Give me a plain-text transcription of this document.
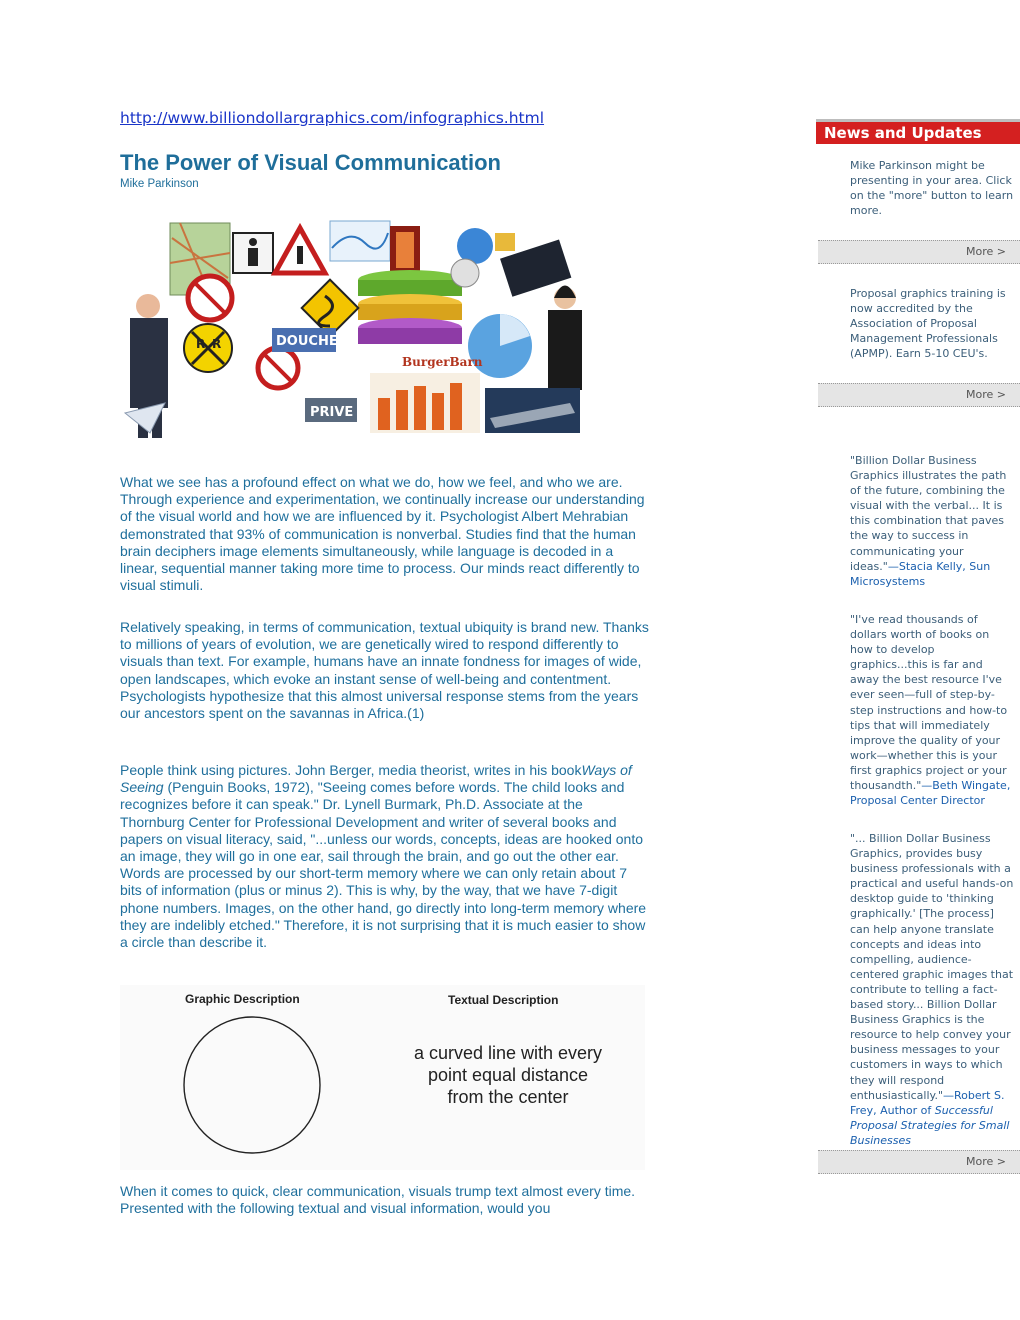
http://www.billiondollargraphics.com/infographics.html
The Power of Visual Communication
Mike Parkinson
R R	DOUCHES
PRIVE
BurgerBarn

What we see has a profound effect on what we do, how we feel, and who we are. Through experience and experimentation, we continually increase our understanding of the visual world and how we are influenced by it. Psychologist Albert Mehrabian demonstrated that 93% of communication is nonverbal. Studies find that the human brain deciphers image elements simultaneously, while language is decoded in a linear, sequential manner taking more time to process. Our minds react differently to visual stimuli.

Relatively speaking, in terms of communication, textual ubiquity is brand new. Thanks to millions of years of evolution, we are genetically wired to respond differently to visuals than text. For example, humans have an innate fondness for images of wide, open landscapes, which evoke an instant sense of well-being and contentment. Psychologists hypothesize that this almost universal response stems from the years our ancestors spent on the savannas in Africa.(1)

People think using pictures. John Berger, media theorist, writes in his bookWays of Seeing (Penguin Books, 1972), "Seeing comes before words. The child looks and recognizes before it can speak." Dr. Lynell Burmark, Ph.D. Associate at the Thornburg Center for Professional Development and writer of several books and papers on visual literacy, said, "...unless our words, concepts, ideas are hooked onto an image, they will go in one ear, sail through the brain, and go out the other ear. Words are processed by our short-term memory where we can only retain about 7 bits of information (plus or minus 2). This is why, by the way, that we have 7-digit phone numbers. Images, on the other hand, go directly into long-term memory where they are indelibly etched." Therefore, it is not surprising that it is much easier to show a circle than describe it.

Graphic Description	Textual Description
a curved line with every
point equal distance
from the center

When it comes to quick, clear communication, visuals trump text almost every time. Presented with the following textual and visual information, would you

News and Updates

Mike Parkinson might be presenting in your area. Click on the "more" button to learn more.

More >

Proposal graphics training is now accredited by the Association of Proposal Management Professionals (APMP). Earn 5-10 CEU's.

More >

"Billion Dollar Business Graphics illustrates the path of the future, combining the visual with the verbal... It is this combination that paves the way to success in communicating your ideas."—Stacia Kelly, Sun Microsystems

"I've read thousands of dollars worth of books on how to develop graphics...this is far and away the best resource I've ever seen—full of step-by-step instructions and how-to tips that will immediately improve the quality of your work—whether this is your first graphics project or your thousandth."—Beth Wingate, Proposal Center Director

"... Billion Dollar Business Graphics, provides busy business professionals with a practical and useful hands-on desktop guide to 'thinking graphically.' [The process] can help anyone translate concepts and ideas into compelling, audience-centered graphic images that contribute to telling a fact-based story... Billion Dollar Business Graphics is the resource to help convey your business messages to your customers in ways to which they will respond enthusiastically."—Robert S. Frey, Author of Successful Proposal Strategies for Small Businesses

More >
